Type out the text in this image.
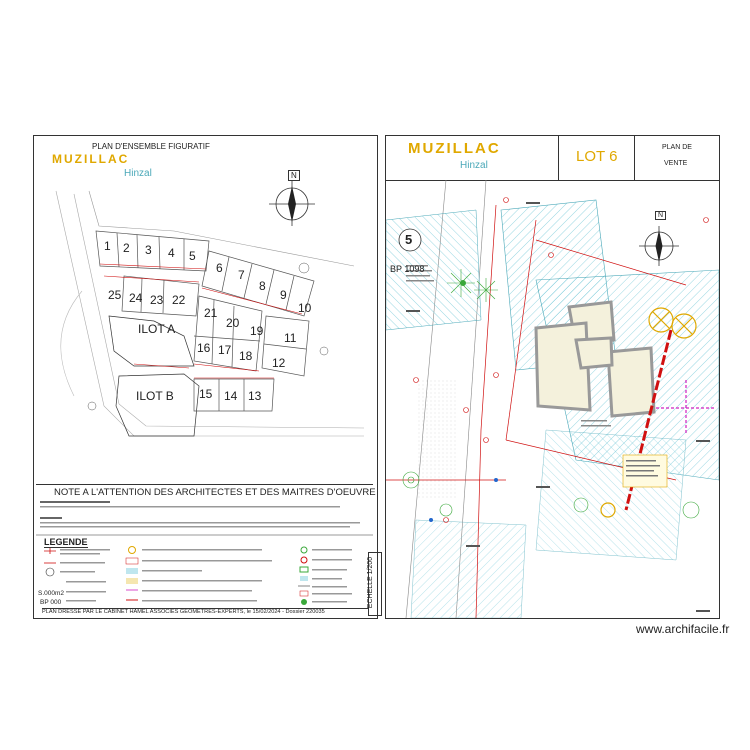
PLAN D'ENSEMBLE FIGURATIF
MUZILLAC
Hinzal	N
1 2 3 4 5
6 7
8
9
10
11
12
13
14
15
16 17 18
19
20
21
22
23
24
25
ILOT A
ILOT B
NOTE A L'ATTENTION DES ARCHITECTES ET DES MAITRES D'OEUVRE
LEGENDE
S.000m2
BP 000
PLAN DRESSE PAR LE CABINET HAMEL ASSOCIES GEOMETRES-EXPERTS, le 15/02/2024 - Dossier 220035
ECHELLE 1/200
MUZILLAC
Hinzal
LOT 6
PLAN DE
VENTE
5
BP 1098
N
www.archifacile.fr
